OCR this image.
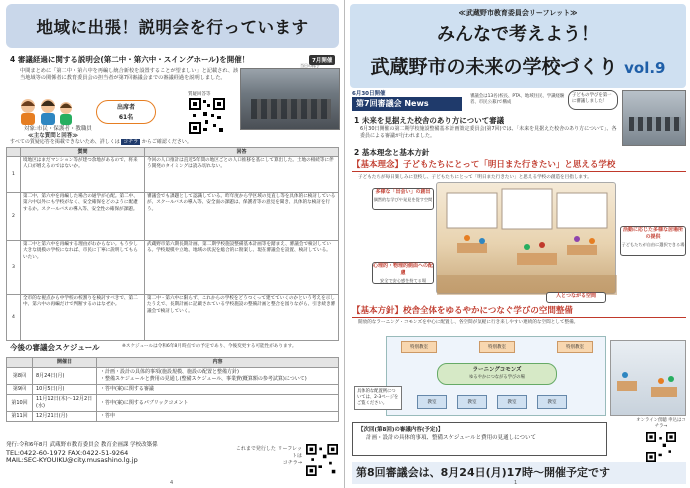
地域に出張！説明会を行っています
4 審議経過に関する説明会(第二中・第六中・スイングホール)を開催！	7月開催
中間まとめに「第二中・第六中を再編し統合新校を設置することが望ましい」と記載され、該当地域等の関係者に教育委員会の担当者が第7回審議会までの審議経過を説明しました。
出席者
61名
対象:市民・保護者・教職員
≪主な質問と回答≫
質疑回答等
当日の様子
すべての質疑応答を掲載できないため、詳しくは コチラ からご確認ください。
	質問	回答
1	境地区はまだマンション等が建つ余地があるので、将来人口が増えるのではないか。	今回の人口推計は直近5年間の地区ごとの人口推移を基にして算出した。土地の相続等に伴う開発のタイミングは読み切れない。
2	第二中、第六中を再編した場合の通学が心配。第二中、第六中以外にも学校がなく、安全確保をどのように配慮するか。スクールバスの導入等、安全性の確保が課題。	審議会でも課題として認識している。昨年度から学区域の見直し等を具体的に検討しているが、スクールバスの導入等、安全面の課題は、保護者等の意見を聞き、具体的な検討を行う。
3	第二中と第六中を再編する理由がわからない。もう少し大きな規模の学校になれば、市民に丁寧に説明してもらいたい。	武蔵野市第六期長期計画、第二期学校施設整備基本計画等を踏まえ、審議会で検討している。学校規模や立地、地域の状況を総合的に勘案し、現在審議会を設置、検討している。
4	全市的な視点から中学校の校割りを検討すべきで、第二中、第六中の再編だけで判断するのはなぜか。	第二中・第六中に限らず、これからの学校をどうつくって建てていくのかという考えを示したうえで、長期計画に記載されている学校施設の整備計画と整合を図りながら、引き続き審議会で検討していく。
今後の審議会スケジュール	※スケジュールは令和6年8月時点での予定であり、今後変更する可能性があります。
	開催日	内容
第8回	8月24日(月)	・計画・設計の具体的事項(施設規模、施設の配置と整備方針)
・整備スケジュールと費用の見通し(整備スケジュール、事業費(概算額の参考試算)について)

第9回	10月5日(月)	・答申(案)に関する審議
第10回	11月12日(木)〜12月2日(水)	・答申(案)に関するパブリックコメント
第11回	12月21日(月)	・答申
発行:令和6年8月 武蔵野市教育委員会 教育企画課 学校改築係
TEL:0422-60-1972 FAX:0422-51-9264
MAIL:SEC-KYOUIKU@city.musashino.lg.jp
これまで発行した リーフレットは
コチラ→
4
≪武蔵野市教育委員会リーフレット≫
みんなで考えよう！
武蔵野市の未来の学校づくり vol.9
6月30日開催
第7回審議会 News
審議会は13名(校長、PTA、地域住民、学識経験者、市民公募)で構成
子どもの学びを第一に審議しました！
1 未来を見据えた校舎のあり方について審議
6月30日開催の第二期学校施設整備基本計画策定委員会(第7回)では、「未来を見据えた校舎のあり方について」、各委員による審議が行われました。
2 基本理念と基本方針
【基本理念】子どもたちにとって「明日また行きたい」と思える学校
子どもたちが毎日楽しみに登校し、子どもたちにとって「明日また行きたい」と思える学校の創造を目指します。
多様な「出会い」の創出
偶然的な学びや発見を促す空間
活動に応じた多様な居場所の提供
子どもたちが自由に選択できる場
心理的・物理的側面への配慮
安全で安心感を持てる場
人とつながる空間
【基本方針】校舎全体をゆるやかにつなぐ学びの空間整備
開放的なラーニング・コモンズを中心に配置し、各空間が気軽に行き来しやすい連続的な空間として整備。
特別教室	特別教室	特別教室
ラーニングコモンズ
ゆるやかにつながる学びの場
教室	教室	教室	教室
具体的な配置例については、2-3ページをご覧ください。
【次回(第8回)の審議内容(予定)】
計画・設計の具体的事項、整備スケジュールと費用の見通しについて
オンライン傍聴 申込はコチラ→
第8回審議会は、8月24日(月)17時〜開催予定です
1
